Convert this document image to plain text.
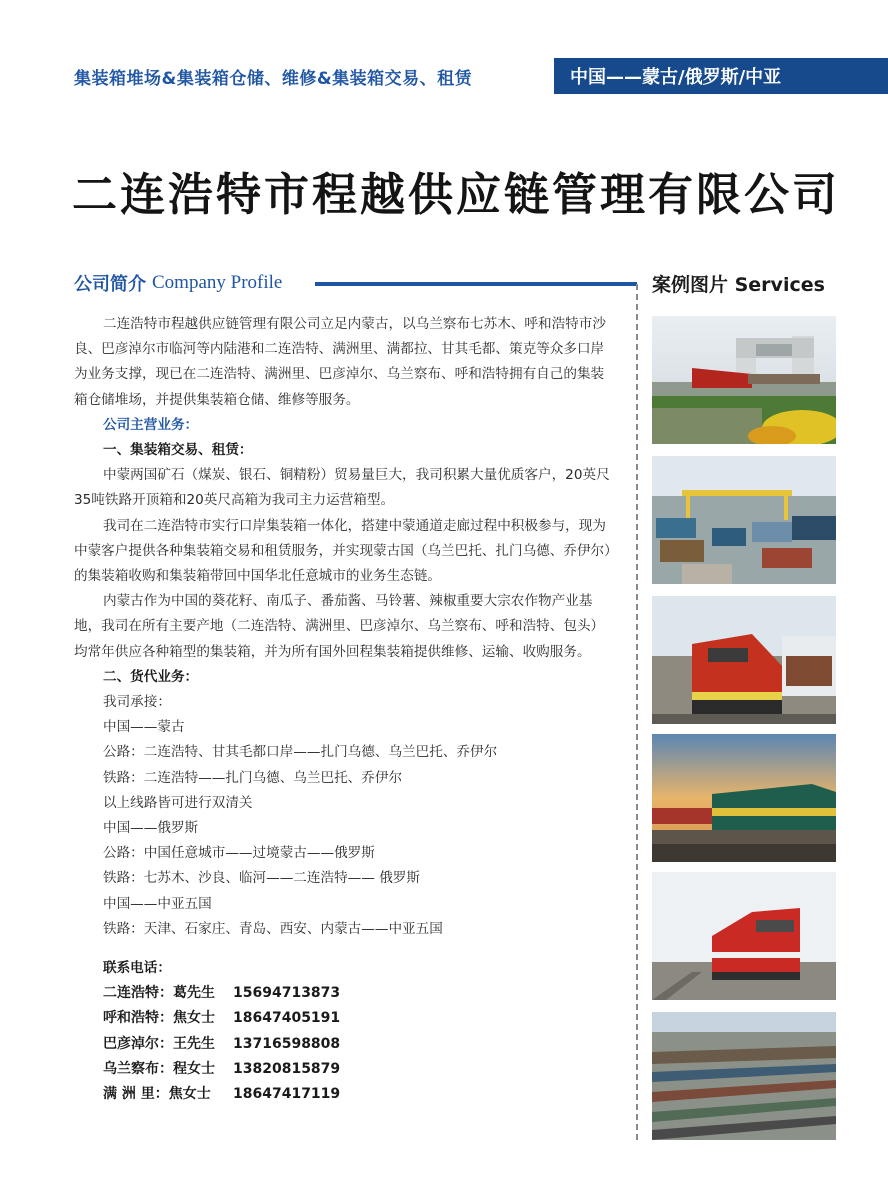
集装箱堆场&集装箱仓储、维修&集装箱交易、租赁	中国——蒙古/俄罗斯/中亚
二连浩特市程越供应链管理有限公司
公司简介 Company Profile	案例图片 Services

二连浩特市程越供应链管理有限公司立足内蒙古，以乌兰察布七苏木、呼和浩特市沙良、巴彦淖尔市临河等内陆港和二连浩特、满洲里、满都拉、甘其毛都、策克等众多口岸为业务支撑，现已在二连浩特、满洲里、巴彦淖尔、乌兰察布、呼和浩特拥有自己的集装箱仓储堆场，并提供集装箱仓储、维修等服务。

公司主营业务：

一、集装箱交易、租赁：

中蒙两国矿石（煤炭、银石、铜精粉）贸易量巨大，我司积累大量优质客户，20英尺35吨铁路开顶箱和20英尺高箱为我司主力运营箱型。

我司在二连浩特市实行口岸集装箱一体化，搭建中蒙通道走廊过程中积极参与，现为中蒙客户提供各种集装箱交易和租赁服务，并实现蒙古国（乌兰巴托、扎门乌德、乔伊尔）的集装箱收购和集装箱带回中国华北任意城市的业务生态链。

内蒙古作为中国的葵花籽、南瓜子、番茄酱、马铃薯、辣椒重要大宗农作物产业基地，我司在所有主要产地（二连浩特、满洲里、巴彦淖尔、乌兰察布、呼和浩特、包头）均常年供应各种箱型的集装箱，并为所有国外回程集装箱提供维修、运输、收购服务。

二、货代业务：

我司承接：

中国——蒙古

公路：二连浩特、甘其毛都口岸——扎门乌德、乌兰巴托、乔伊尔

铁路：二连浩特——扎门乌德、乌兰巴托、乔伊尔

以上线路皆可进行双清关

中国——俄罗斯

公路：中国任意城市——过境蒙古——俄罗斯

铁路：七苏木、沙良、临河——二连浩特—— 俄罗斯

中国——中亚五国

铁路：天津、石家庄、青岛、西安、内蒙古——中亚五国

联系电话：

二连浩特：葛先生 15694713873
呼和浩特：焦女士 18647405191
巴彦淖尔：王先生 13716598808
乌兰察布：程女士 13820815879
满 洲 里：焦女士 18647417119
